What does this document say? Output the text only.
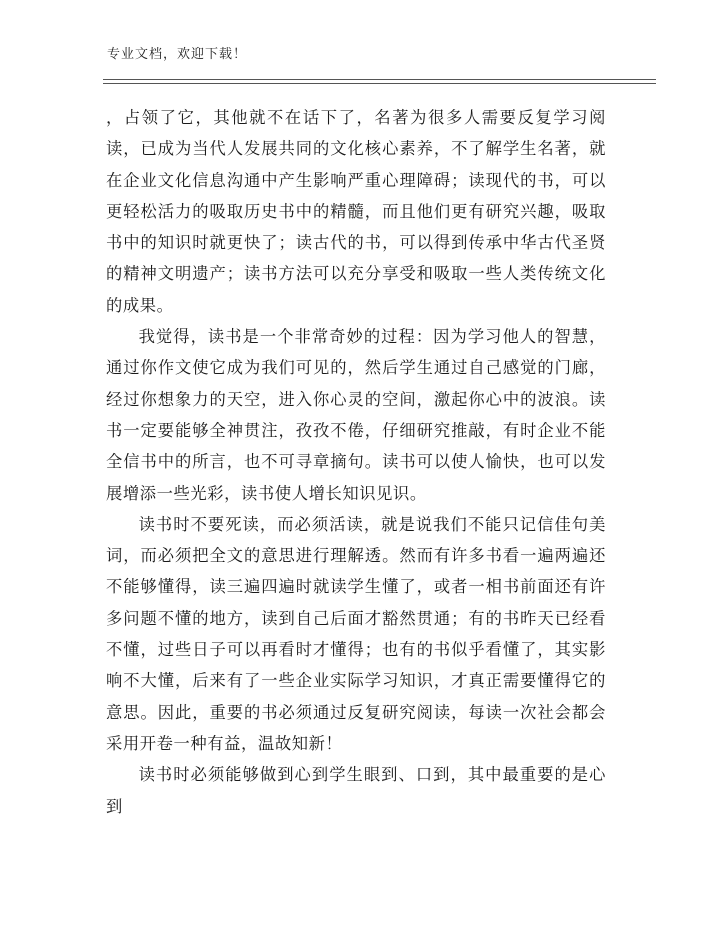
专业文档，欢迎下载！

，占领了它，其他就不在话下了，名著为很多人需要反复学习阅读，已成为当代人发展共同的文化核心素养，不了解学生名著，就在企业文化信息沟通中产生影响严重心理障碍；读现代的书，可以更轻松活力的吸取历史书中的精髓，而且他们更有研究兴趣，吸取书中的知识时就更快了；读古代的书，可以得到传承中华古代圣贤的精神文明遗产；读书方法可以充分享受和吸取一些人类传统文化的成果。

我觉得，读书是一个非常奇妙的过程：因为学习他人的智慧，通过你作文使它成为我们可见的，然后学生通过自己感觉的门廊，经过你想象力的天空，进入你心灵的空间，激起你心中的波浪。读书一定要能够全神贯注，孜孜不倦，仔细研究推敲，有时企业不能全信书中的所言，也不可寻章摘句。读书可以使人愉快，也可以发展增添一些光彩，读书使人增长知识见识。

读书时不要死读，而必须活读，就是说我们不能只记信佳句美词，而必须把全文的意思进行理解透。然而有许多书看一遍两遍还不能够懂得，读三遍四遍时就读学生懂了，或者一相书前面还有许多问题不懂的地方，读到自己后面才豁然贯通；有的书昨天已经看不懂，过些日子可以再看时才懂得；也有的书似乎看懂了，其实影响不大懂，后来有了一些企业实际学习知识，才真正需要懂得它的意思。因此，重要的书必须通过反复研究阅读，每读一次社会都会采用开卷一种有益，温故知新！

读书时必须能够做到心到学生眼到、口到，其中最重要的是心到
